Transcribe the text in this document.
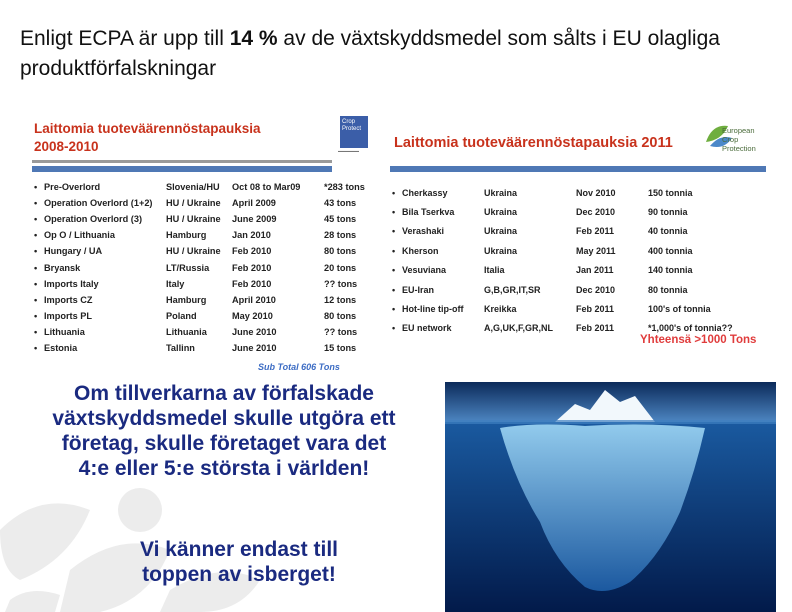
Enligt ECPA är upp till 14 % av de växtskyddsmedel som sålts i EU olagliga produktförfalskningar
Laittomia tuoteväärennöstapauksia
2008-2010
Crop Protect
▬▬▬▬▬▬
•	Pre-Overlord	Slovenia/HU	Oct 08 to Mar09	*283 tons
•	Operation Overlord (1+2)	HU / Ukraine	April 2009	43 tons
•	Operation Overlord (3)	HU / Ukraine	June 2009	45 tons
•	Op O / Lithuania	Hamburg	Jan 2010	28 tons
•	Hungary / UA	HU / Ukraine	Feb 2010	80 tons
•	Bryansk	LT/Russia	Feb 2010	20 tons
•	Imports Italy	Italy	Feb 2010	?? tons
•	Imports CZ	Hamburg	April 2010	12 tons
•	Imports PL	Poland	May 2010	80 tons
•	Lithuania	Lithuania	June 2010	?? tons
•	Estonia	Tallinn	June 2010	15 tons
Sub Total 606 Tons
Laittomia tuoteväärennöstapauksia 2011
European
Crop Protection
•	Cherkassy	Ukraina	Nov 2010	150 tonnia
•	Bila Tserkva	Ukraina	Dec 2010	90 tonnia
•	Verashaki	Ukraina	Feb 2011	40 tonnia
•	Kherson	Ukraina	May 2011	400 tonnia
•	Vesuviana	Italia	Jan 2011	140 tonnia
•	EU-Iran	G,B,GR,IT,SR	Dec 2010	80 tonnia
•	Hot-line tip-off	Kreikka	Feb 2011	100's of tonnia
•	EU network	A,G,UK,F,GR,NL	Feb 2011	*1,000's of tonnia??
Yhteensä >1000 Tons
Om tillverkarna av förfalskade växtskyddsmedel skulle utgöra ett företag, skulle företaget vara det 4:e eller 5:e största i världen!
Vi känner endast till toppen av isberget!
